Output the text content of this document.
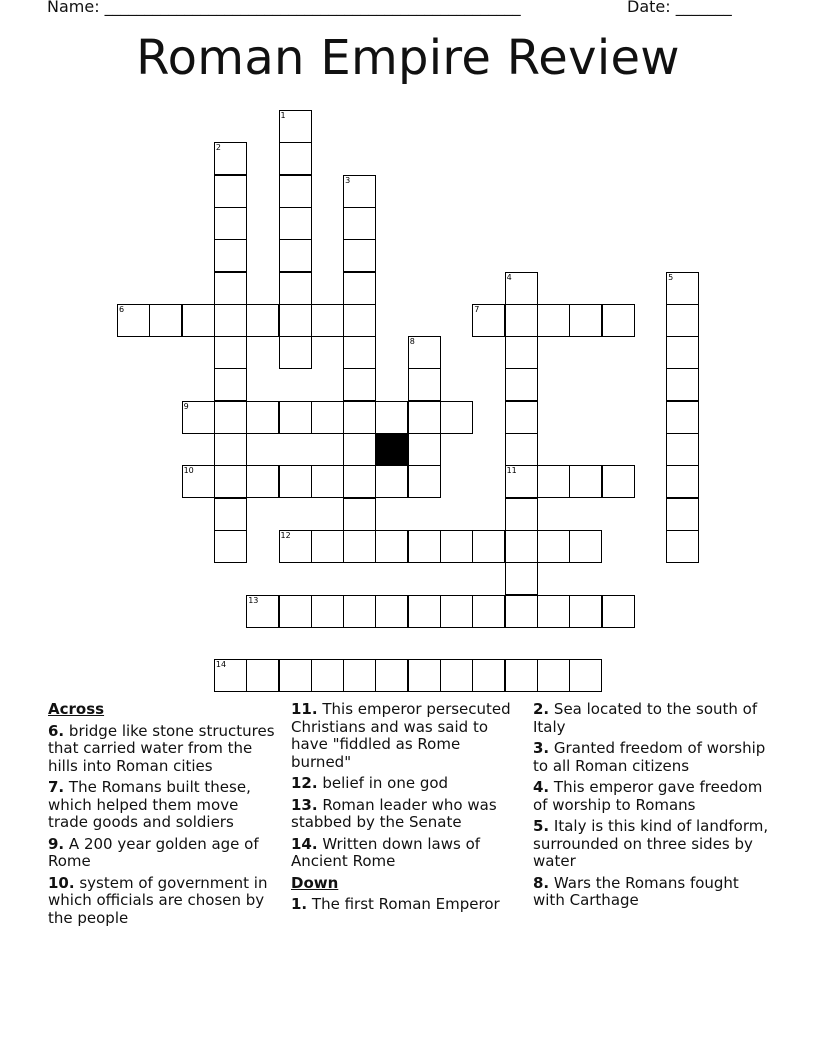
Name: ____________________________________________________	Date: _______
Roman Empire Review
1
2
3
4	5
6	7
8
9
10	11
12
13
14
Across
6. bridge like stone structures that carried water from the hills into Roman cities
7. The Romans built these, which helped them move trade goods and soldiers
9. A 200 year golden age of Rome
10. system of government in which officials are chosen by the people
11. This emperor persecuted Christians and was said to have "fiddled as Rome burned"
12. belief in one god
13. Roman leader who was stabbed by the Senate
14. Written down laws of Ancient Rome
Down
1. The first Roman Emperor
2. Sea located to the south of Italy
3. Granted freedom of worship to all Roman citizens
4. This emperor gave freedom of worship to Romans
5. Italy is this kind of landform, surrounded on three sides by water
8. Wars the Romans fought with Carthage
